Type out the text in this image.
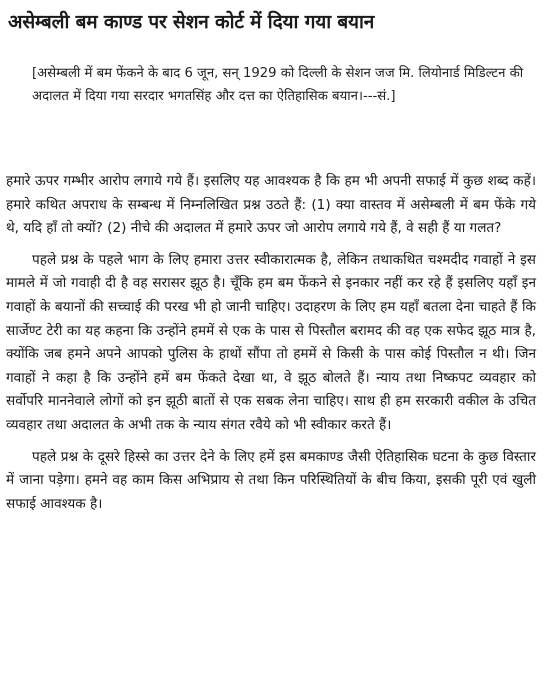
असेम्बली बम काण्ड पर सेशन कोर्ट में दिया गया बयान
[असेम्बली में बम फेंकने के बाद 6 जून, सन् 1929 को दिल्ली के सेशन जज मि. लियोनार्ड मिडिल्टन की अदालत में दिया गया सरदार भगतसिंह और दत्त का ऐतिहासिक बयान।---सं.]

हमारे ऊपर गम्भीर आरोप लगाये गये हैं। इसलिए यह आवश्यक है कि हम भी अपनी सफाई में कुछ शब्द कहें। हमारे कथित अपराध के सम्बन्ध में निम्नलिखित प्रश्न उठते हैं: (1) क्या वास्तव में असेम्बली में बम फेंके गये थे, यदि हाँ तो क्यों? (2) नीचे की अदालत में हमारे ऊपर जो आरोप लगाये गये हैं, वे सही हैं या गलत?

पहले प्रश्न के पहले भाग के लिए हमारा उत्तर स्वीकारात्मक है, लेकिन तथाकथित चश्मदीद गवाहों ने इस मामले में जो गवाही दी है वह सरासर झूठ है। चूँकि हम बम फेंकने से इनकार नहीं कर रहे हैं इसलिए यहाँ इन गवाहों के बयानों की सच्चाई की परख भी हो जानी चाहिए। उदाहरण के लिए हम यहाँ बतला देना चाहते हैं कि सार्जेण्ट टेरी का यह कहना कि उन्होंने हममें से एक के पास से पिस्तौल बरामद की वह एक सफेद झूठ मात्र है, क्योंकि जब हमने अपने आपको पुलिस के हाथों सौंपा तो हममें से किसी के पास कोई पिस्तौल न थी। जिन गवाहों ने कहा है कि उन्होंने हमें बम फेंकते देखा था, वे झूठ बोलते हैं। न्याय तथा निष्कपट व्यवहार को सर्वोपरि माननेवाले लोगों को इन झूठी बातों से एक सबक लेना चाहिए। साथ ही हम सरकारी वकील के उचित व्यवहार तथा अदालत के अभी तक के न्याय संगत रवैये को भी स्वीकार करते हैं।

पहले प्रश्न के दूसरे हिस्से का उत्तर देने के लिए हमें इस बमकाण्ड जैसी ऐतिहासिक घटना के कुछ विस्तार में जाना पड़ेगा। हमने वह काम किस अभिप्राय से तथा किन परिस्थितियों के बीच किया, इसकी पूरी एवं खुली सफाई आवश्यक है।
